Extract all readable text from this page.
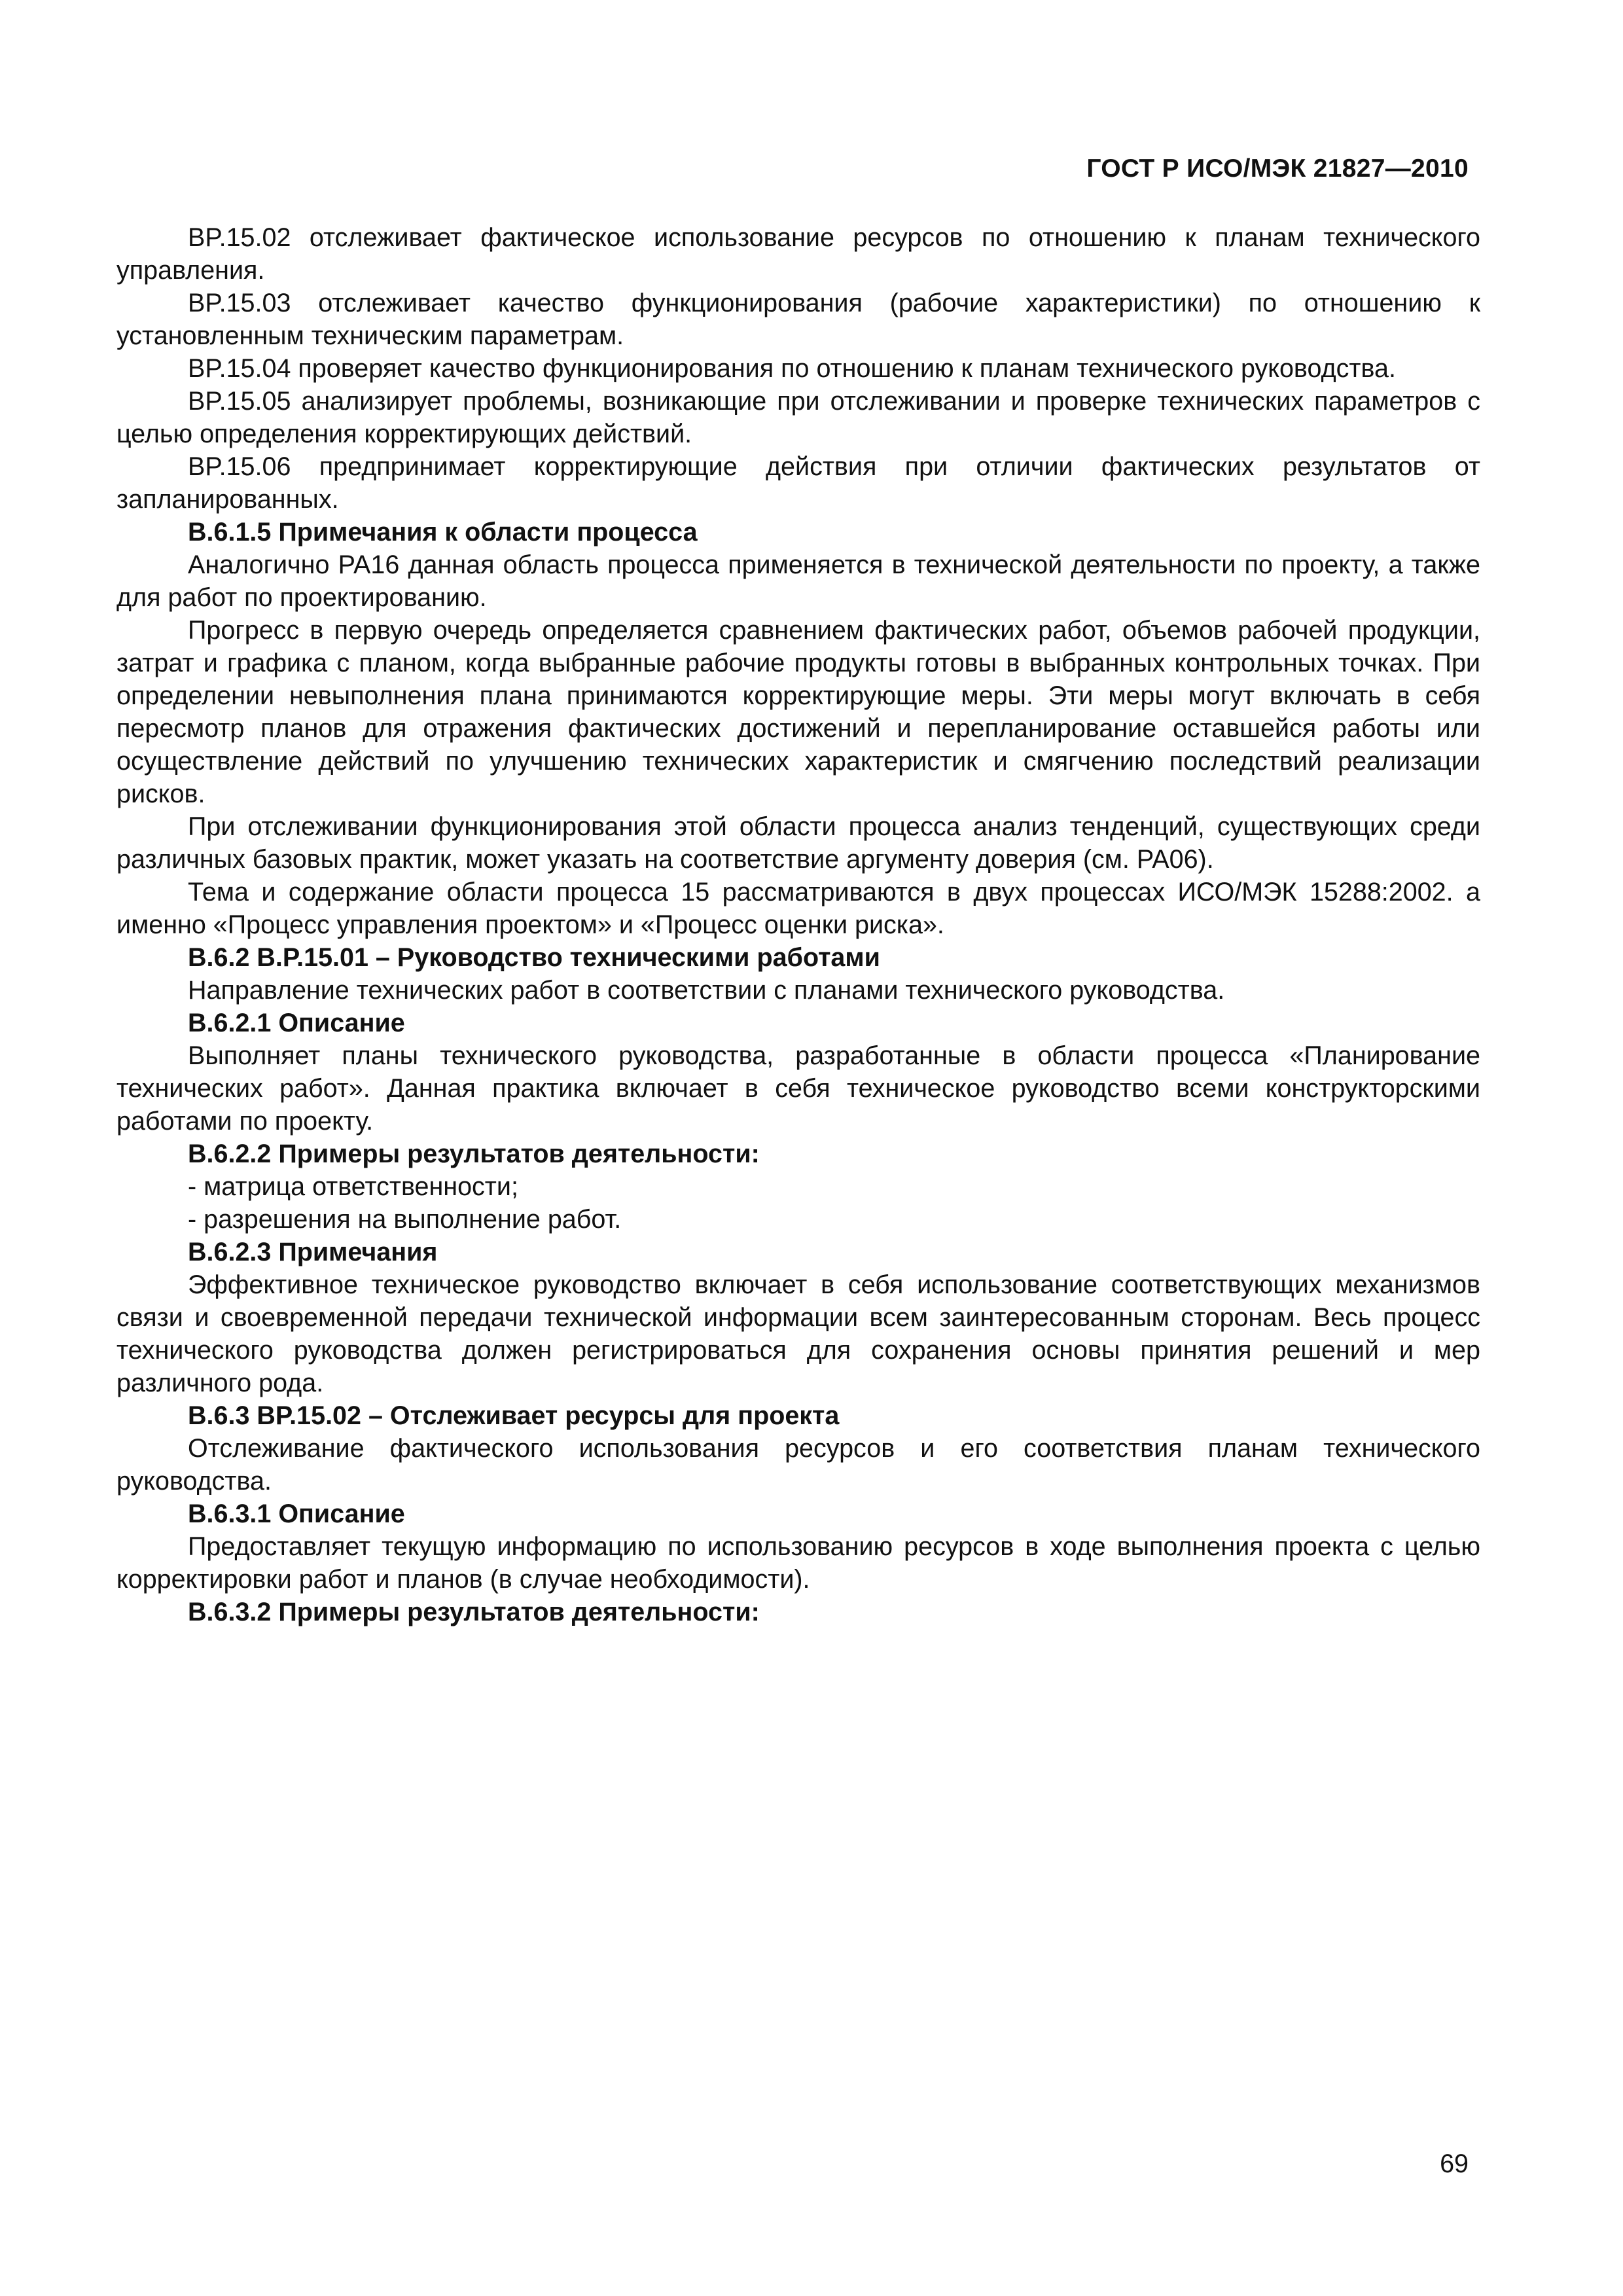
ГОСТ Р ИСО/МЭК 21827—2010

BP.15.02 отслеживает фактическое использование ресурсов по отношению к планам технического управления.

BP.15.03 отслеживает качество функционирования (рабочие характеристики) по отношению к установленным техническим параметрам.

BP.15.04 проверяет качество функционирования по отношению к планам технического руководства.

BP.15.05 анализирует проблемы, возникающие при отслеживании и проверке технических параметров с целью определения корректирующих действий.

BP.15.06 предпринимает корректирующие действия при отличии фактических результатов от запланированных.

B.6.1.5 Примечания к области процесса

Аналогично PA16 данная область процесса применяется в технической деятельности по проекту, а также для работ по проектированию.

Прогресс в первую очередь определяется сравнением фактических работ, объемов рабочей продукции, затрат и графика с планом, когда выбранные рабочие продукты готовы в выбранных контрольных точках. При определении невыполнения плана принимаются корректирующие меры. Эти меры могут включать в себя пересмотр планов для отражения фактических достижений и перепланирование оставшейся работы или осуществление действий по улучшению технических характеристик и смягчению последствий реализации рисков.

При отслеживании функционирования этой области процесса анализ тенденций, существующих среди различных базовых практик, может указать на соответствие аргументу доверия (см. PA06).

Тема и содержание области процесса 15 рассматриваются в двух процессах ИСО/МЭК 15288:2002. а именно «Процесс управления проектом» и «Процесс оценки риска».

B.6.2 B.P.15.01 – Руководство техническими работами

Направление технических работ в соответствии с планами технического руководства.

B.6.2.1 Описание

Выполняет планы технического руководства, разработанные в области процесса «Планирование технических работ». Данная практика включает в себя техническое руководство всеми конструкторскими работами по проекту.

B.6.2.2 Примеры результатов деятельности:
- матрица ответственности;
- разрешения на выполнение работ.
B.6.2.3 Примечания

Эффективное техническое руководство включает в себя использование соответствующих механизмов связи и своевременной передачи технической информации всем заинтересованным сторонам. Весь процесс технического руководства должен регистрироваться для сохранения основы принятия решений и мер различного рода.

B.6.3 BP.15.02 – Отслеживает ресурсы для проекта

Отслеживание фактического использования ресурсов и его соответствия планам технического руководства.

B.6.3.1 Описание

Предоставляет текущую информацию по использованию ресурсов в ходе выполнения проекта с целью корректировки работ и планов (в случае необходимости).

B.6.3.2 Примеры результатов деятельности:
69
